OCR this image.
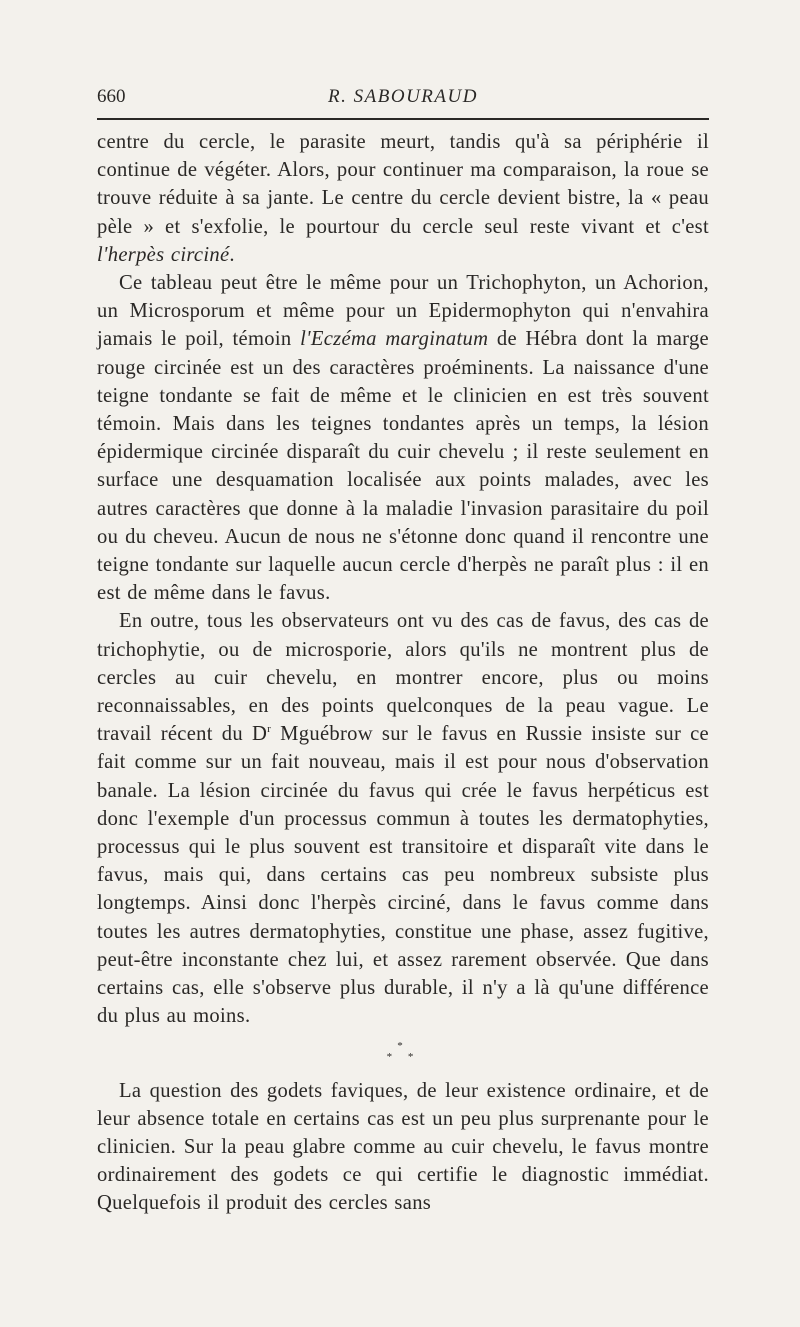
660	R. SABOURAUD

centre du cercle, le parasite meurt, tandis qu'à sa périphérie il continue de végéter. Alors, pour continuer ma comparaison, la roue se trouve réduite à sa jante. Le centre du cercle devient bistre, la « peau pèle » et s'exfolie, le pourtour du cercle seul reste vivant et c'est l'herpès circiné.

Ce tableau peut être le même pour un Trichophyton, un Achorion, un Microsporum et même pour un Epidermophyton qui n'envahira jamais le poil, témoin l'Eczéma marginatum de Hébra dont la marge rouge circinée est un des caractères proéminents. La naissance d'une teigne tondante se fait de même et le clinicien en est très souvent témoin. Mais dans les teignes tondantes après un temps, la lésion épidermique circinée disparaît du cuir chevelu ; il reste seulement en surface une desquamation localisée aux points malades, avec les autres caractères que donne à la maladie l'invasion parasitaire du poil ou du cheveu. Aucun de nous ne s'étonne donc quand il rencontre une teigne tondante sur laquelle aucun cercle d'herpès ne paraît plus : il en est de même dans le favus.

En outre, tous les observateurs ont vu des cas de favus, des cas de trichophytie, ou de microsporie, alors qu'ils ne montrent plus de cercles au cuir chevelu, en montrer encore, plus ou moins reconnaissables, en des points quelconques de la peau vague. Le travail récent du $D^r$ Mguébrow sur le favus en Russie insiste sur ce fait comme sur un fait nouveau, mais il est pour nous d'observation banale. La lésion circinée du favus qui crée le favus herpéticus est donc l'exemple d'un processus commun à toutes les dermatophyties, processus qui le plus souvent est transitoire et disparaît vite dans le favus, mais qui, dans certains cas peu nombreux subsiste plus longtemps. Ainsi donc l'herpès circiné, dans le favus comme dans toutes les autres dermatophyties, constitue une phase, assez fugitive, peut-être inconstante chez lui, et assez rarement observée. Que dans certains cas, elle s'observe plus durable, il n'y a là qu'une différence du plus au moins.

*
* *

La question des godets faviques, de leur existence ordinaire, et de leur absence totale en certains cas est un peu plus surprenante pour le clinicien. Sur la peau glabre comme au cuir chevelu, le favus montre ordinairement des godets ce qui certifie le diagnostic immédiat. Quelquefois il produit des cercles sans
